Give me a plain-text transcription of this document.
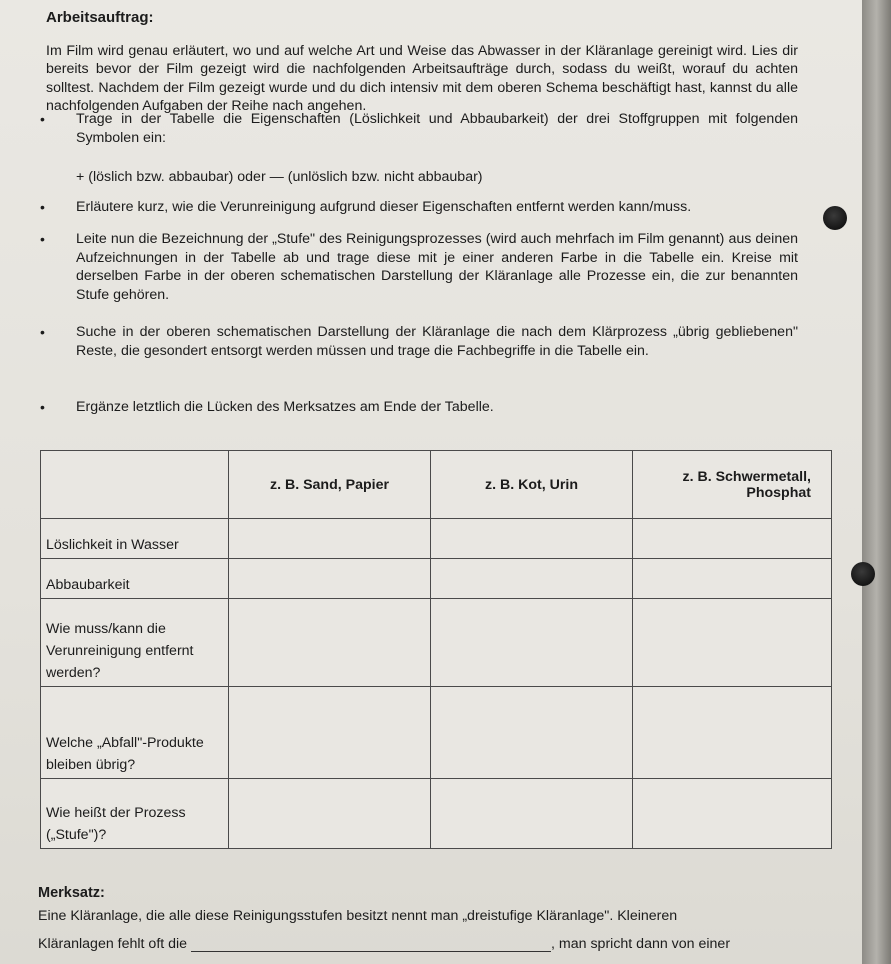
Arbeitsauftrag:
Im Film wird genau erläutert, wo und auf welche Art und Weise das Abwasser in der Kläranlage gereinigt wird. Lies dir bereits bevor der Film gezeigt wird die nachfolgenden Arbeitsaufträge durch, sodass du weißt, worauf du achten solltest. Nachdem der Film gezeigt wurde und du dich intensiv mit dem oberen Schema beschäftigt hast, kannst du alle nachfolgenden Aufgaben der Reihe nach angehen.
• Trage in der Tabelle die Eigenschaften (Löslichkeit und Abbaubarkeit) der drei Stoffgruppen mit folgenden Symbolen ein:
+ (löslich bzw. abbaubar) oder — (unlöslich bzw. nicht abbaubar)
• Erläutere kurz, wie die Verunreinigung aufgrund dieser Eigenschaften entfernt werden kann/muss.
• Leite nun die Bezeichnung der „Stufe" des Reinigungsprozesses (wird auch mehrfach im Film genannt) aus deinen Aufzeichnungen in der Tabelle ab und trage diese mit je einer anderen Farbe in die Tabelle ein. Kreise mit derselben Farbe in der oberen schematischen Darstellung der Kläranlage alle Prozesse ein, die zur benannten Stufe gehören.
• Suche in der oberen schematischen Darstellung der Kläranlage die nach dem Klärprozess „übrig gebliebenen" Reste, die gesondert entsorgt werden müssen und trage die Fachbegriffe in die Tabelle ein.
• Ergänze letztlich die Lücken des Merksatzes am Ende der Tabelle.
	z. B. Sand, Papier	z. B. Kot, Urin	z. B. Schwermetall, Phosphat
Löslichkeit in Wasser			
Abbaubarkeit			
Wie muss/kann die Verunreinigung entfernt werden?			
Welche „Abfall"-Produkte bleiben übrig?			
Wie heißt der Prozess („Stufe")?			
Merksatz:
Eine Kläranlage, die alle diese Reinigungsstufen besitzt nennt man „dreistufige Kläranlage". Kleineren
Kläranlagen fehlt oft die	, man spricht dann von einer
